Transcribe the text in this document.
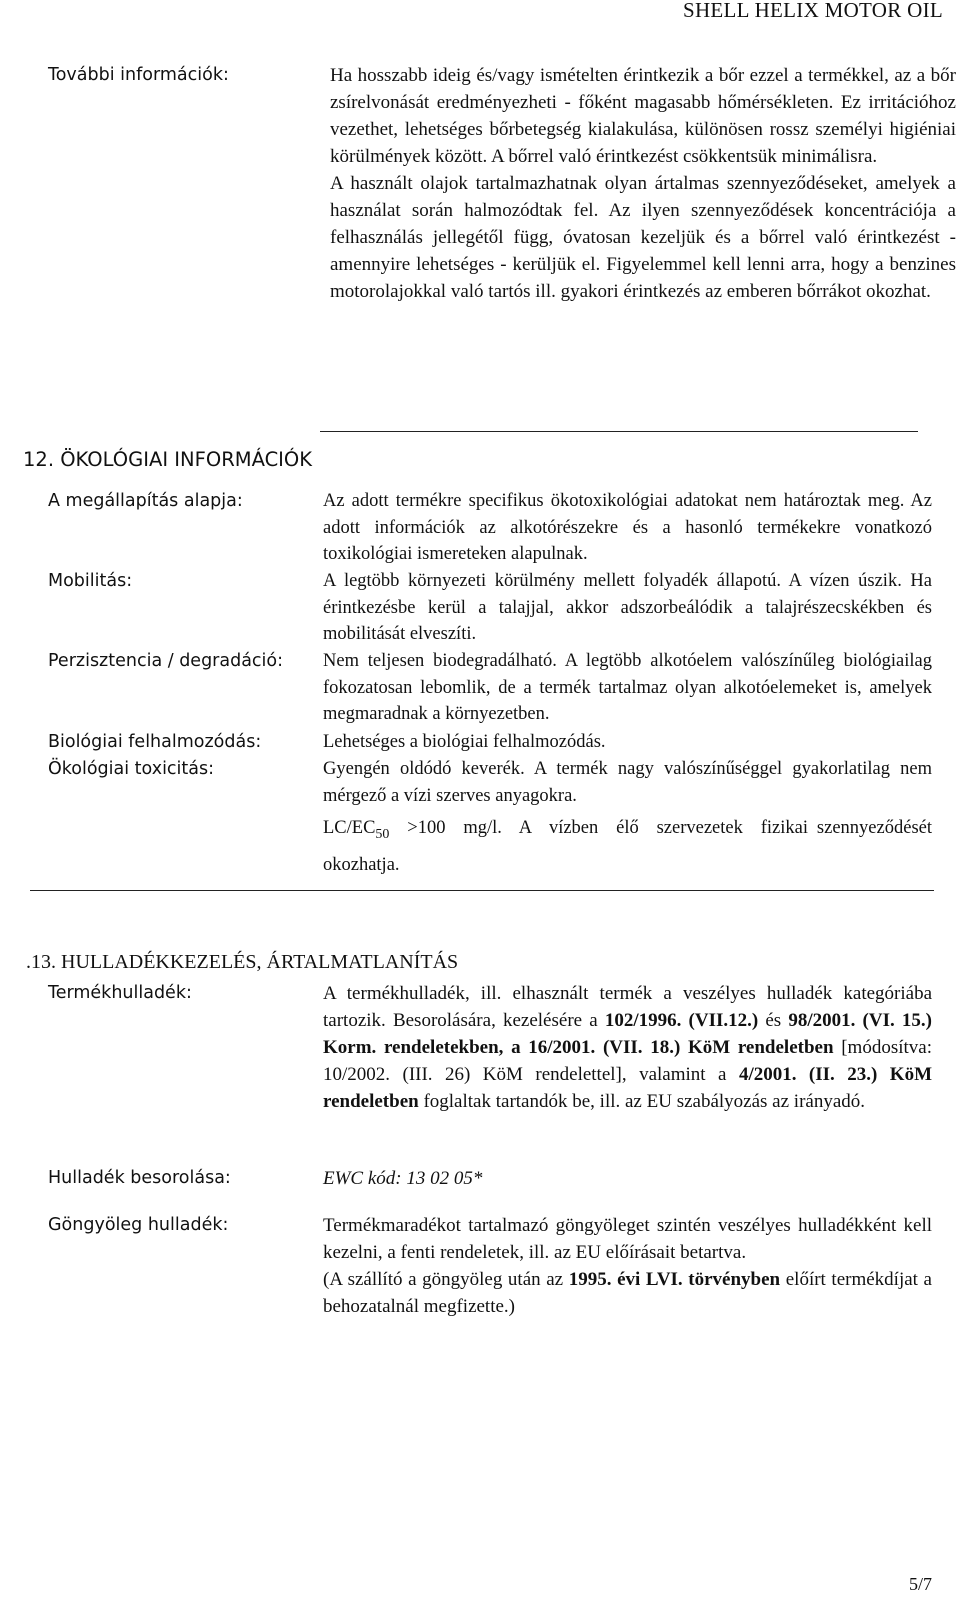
SHELL HELIX MOTOR OIL
További információk:	Ha hosszabb ideig és/vagy ismételten érintkezik a bőr ezzel a termékkel, az a bőr zsírelvonását eredményezheti - főként magasabb hőmérsékleten. Ez irritációhoz vezethet, lehetséges bőrbetegség kialakulása, különösen rossz személyi higiéniai körülmények között. A bőrrel való érintkezést csökkentsük minimálisra.

A használt olajok tartalmazhatnak olyan ártalmas szennyeződéseket, amelyek a használat során halmozódtak fel. Az ilyen szennyeződések koncentrációja a felhasználás jellegétől függ, óvatosan kezeljük és a bőrrel való érintkezést - amennyire lehetséges - kerüljük el. Figyelemmel kell lenni arra, hogy a benzines motorolajokkal való tartós ill. gyakori érintkezés az emberen bőrrákot okozhat.

12. ÖKOLÓGIAI INFORMÁCIÓK
A megállapítás alapja:	Az adott termékre specifikus ökotoxikológiai adatokat nem határoztak meg. Az adott információk az alkotórészekre és a hasonló termékekre vonatkozó toxikológiai ismereteken alapulnak.
Mobilitás:	A legtöbb környezeti körülmény mellett folyadék állapotú. A vízen úszik. Ha érintkezésbe kerül a talajjal, akkor adszorbeálódik a talajrészecskékben és mobilitását elveszíti.
Perzisztencia / degradáció:	Nem teljesen biodegradálható. A legtöbb alkotóelem valószínűleg biológiailag fokozatosan lebomlik, de a termék tartalmaz olyan alkotóelemeket is, amelyek megmaradnak a környezetben.
Biológiai felhalmozódás:	Lehetséges a biológiai felhalmozódás.
Ökológiai toxicitás:	Gyengén oldódó keverék. A termék nagy valószínűséggel gyakorlatilag nem mérgező a vízi szerves anyagokra.

$LC/EC_{50} >100$  mg/l.  A  vízben  élő  szervezetek  fizikai szennyeződését okozhatja.

.13. HULLADÉKKEZELÉS, ÁRTALMATLANÍTÁS
Termékhulladék:	A termékhulladék, ill. elhasznált termék a veszélyes hulladék kategóriába tartozik. Besorolására, kezelésére a 102/1996. (VII.12.) és 98/2001. (VI. 15.) Korm. rendeletekben, a 16/2001. (VII. 18.) KöM rendeletben [módosítva: 10/2002. (III. 26) KöM rendelettel], valamint a 4/2001. (II. 23.) KöM rendeletben foglaltak tartandók be, ill. az EU szabályozás az irányadó.
Hulladék besorolása:	EWC kód: 13 02 05*
Göngyöleg hulladék:	Termékmaradékot tartalmazó göngyöleget szintén veszélyes hulladékként kell kezelni, a fenti rendeletek, ill. az EU előírásait betartva.

(A szállító a göngyöleg után az 1995. évi LVI. törvényben előírt termékdíjat a behozatalnál megfizette.)

5/7
